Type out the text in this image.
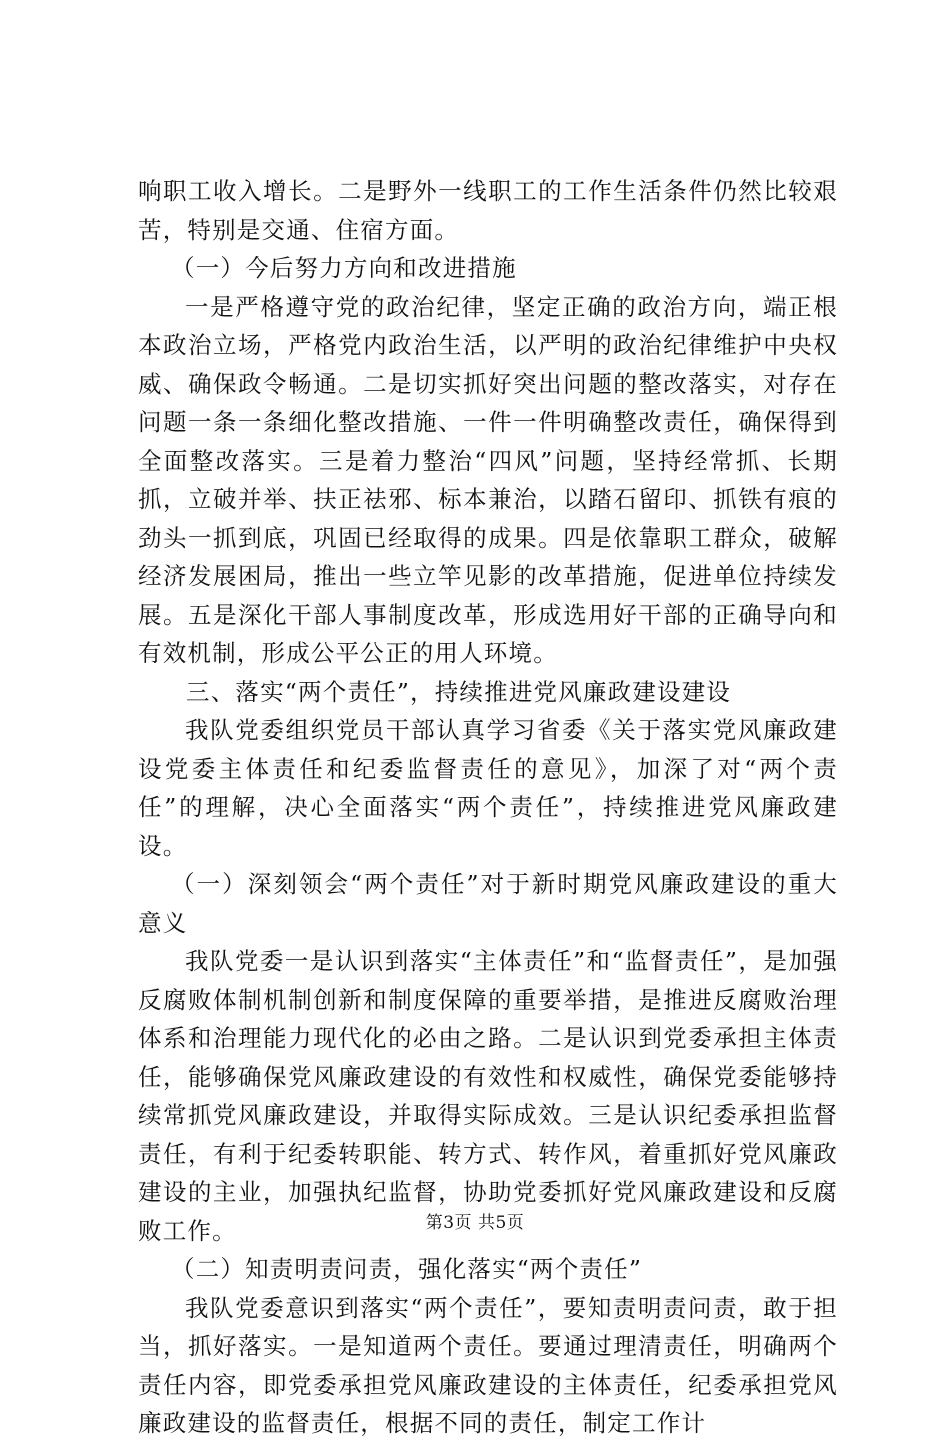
响职工收入增长。二是野外一线职工的工作生活条件仍然比较艰苦，特别是交通、住宿方面。

（一）今后努力方向和改进措施

一是严格遵守党的政治纪律，坚定正确的政治方向，端正根本政治立场，严格党内政治生活，以严明的政治纪律维护中央权威、确保政令畅通。二是切实抓好突出问题的整改落实，对存在问题一条一条细化整改措施、一件一件明确整改责任，确保得到全面整改落实。三是着力整治“四风”问题，坚持经常抓、长期抓，立破并举、扶正祛邪、标本兼治，以踏石留印、抓铁有痕的劲头一抓到底，巩固已经取得的成果。四是依靠职工群众，破解经济发展困局，推出一些立竿见影的改革措施，促进单位持续发展。五是深化干部人事制度改革，形成选用好干部的正确导向和有效机制，形成公平公正的用人环境。

三、落实“两个责任”，持续推进党风廉政建设建设

我队党委组织党员干部认真学习省委《关于落实党风廉政建设党委主体责任和纪委监督责任的意见》，加深了对“两个责任”的理解，决心全面落实“两个责任”，持续推进党风廉政建设。

（一）深刻领会“两个责任”对于新时期党风廉政建设的重大意义

我队党委一是认识到落实“主体责任”和“监督责任”，是加强反腐败体制机制创新和制度保障的重要举措，是推进反腐败治理体系和治理能力现代化的必由之路。二是认识到党委承担主体责任，能够确保党风廉政建设的有效性和权威性，确保党委能够持续常抓党风廉政建设，并取得实际成效。三是认识纪委承担监督责任，有利于纪委转职能、转方式、转作风，着重抓好党风廉政建设的主业，加强执纪监督，协助党委抓好党风廉政建设和反腐败工作。

（二）知责明责问责，强化落实“两个责任”

我队党委意识到落实“两个责任”，要知责明责问责，敢于担当，抓好落实。一是知道两个责任。要通过理清责任，明确两个责任内容，即党委承担党风廉政建设的主体责任，纪委承担党风廉政建设的监督责任，根据不同的责任，制定工作计

第3页 共5页
